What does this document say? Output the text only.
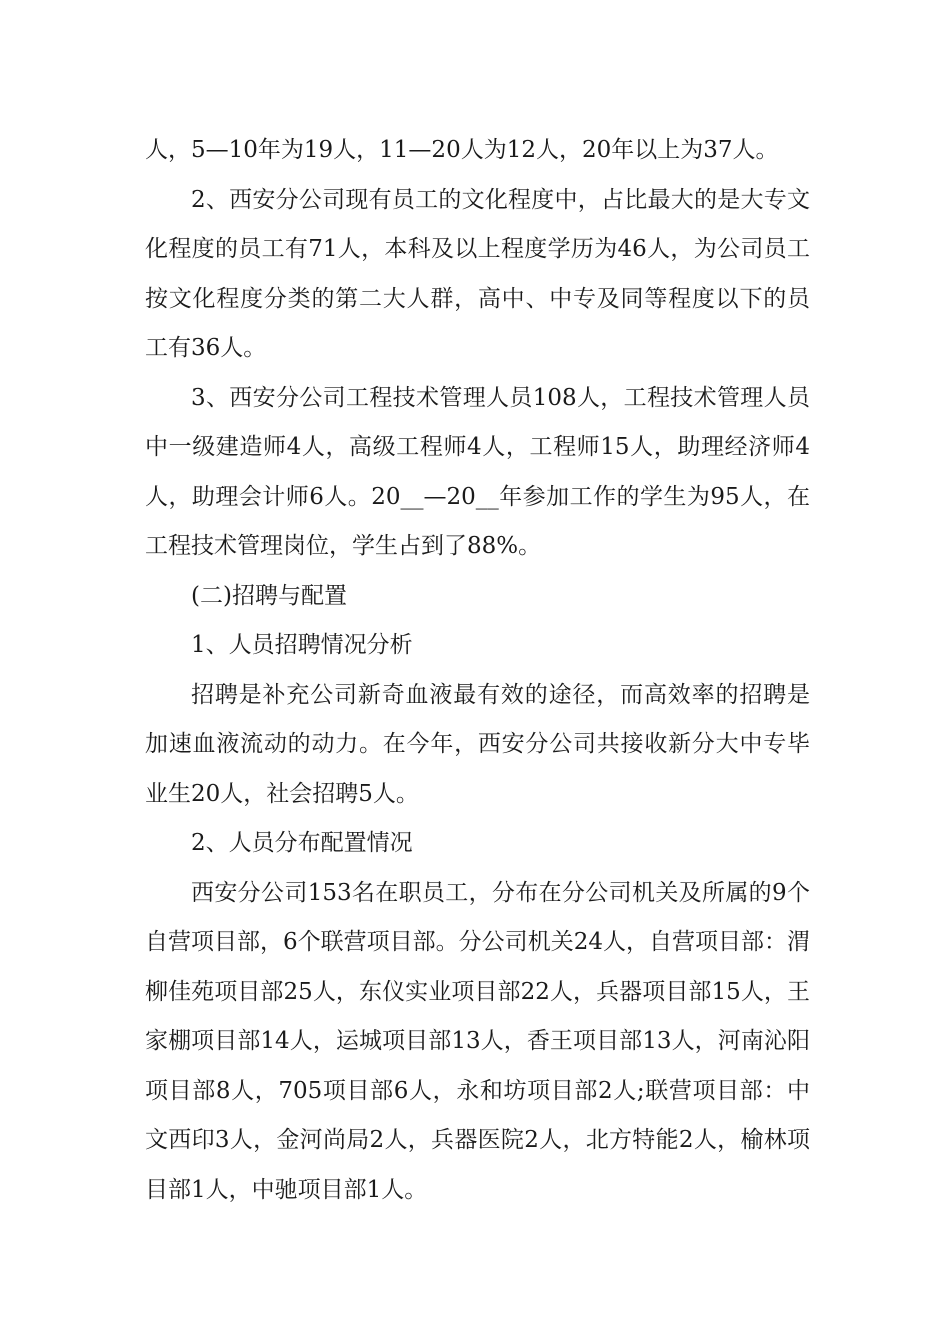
人，5—10年为19人，11—20人为12人，20年以上为37人。

2、西安分公司现有员工的文化程度中，占比最大的是大专文化程度的员工有71人，本科及以上程度学历为46人，为公司员工按文化程度分类的第二大人群，高中、中专及同等程度以下的员工有36人。

3、西安分公司工程技术管理人员108人，工程技术管理人员中一级建造师4人，高级工程师4人，工程师15人，助理经济师4人，助理会计师6人。20__—20__年参加工作的学生为95人，在工程技术管理岗位，学生占到了88%。

(二)招聘与配置

1、人员招聘情况分析

招聘是补充公司新奇血液最有效的途径，而高效率的招聘是加速血液流动的动力。在今年，西安分公司共接收新分大中专毕业生20人，社会招聘5人。

2、人员分布配置情况

西安分公司153名在职员工，分布在分公司机关及所属的9个自营项目部，6个联营项目部。分公司机关24人，自营项目部：渭柳佳苑项目部25人，东仪实业项目部22人，兵器项目部15人，王家棚项目部14人，运城项目部13人，香王项目部13人，河南沁阳项目部8人，705项目部6人，永和坊项目部2人;联营项目部：中文西印3人，金河尚局2人，兵器医院2人，北方特能2人，榆林项目部1人，中驰项目部1人。
